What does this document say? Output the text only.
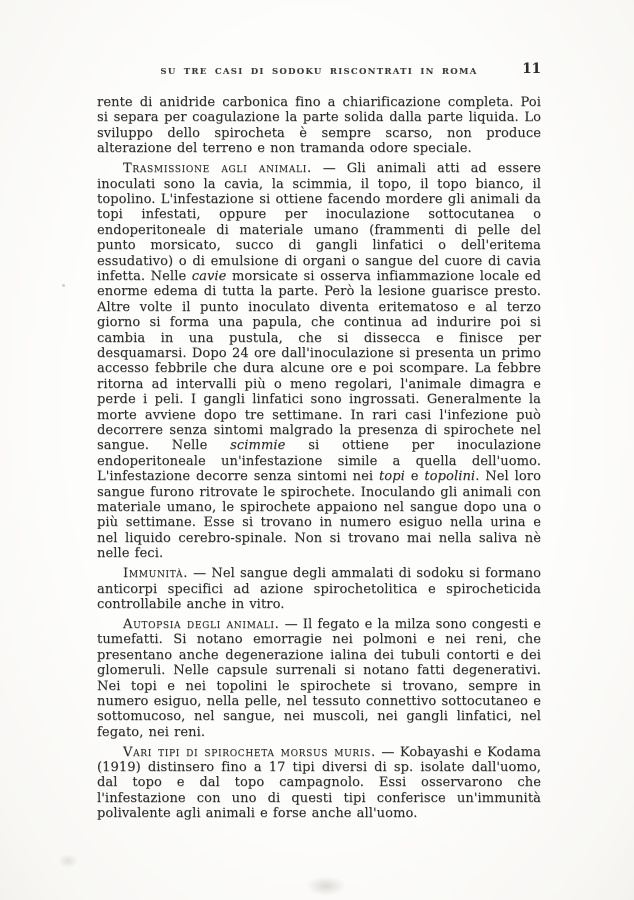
SU TRE CASI DI SODOKU RISCONTRATI IN ROMA	11

rente di anidride carbonica fino a chiarificazione completa. Poi si separa per coagulazione la parte solida dalla parte liquida. Lo sviluppo dello spirocheta è sempre scarso, non produce alterazione del terreno e non tramanda odore speciale.

Trasmissione agli animali. — Gli animali atti ad essere inoculati sono la cavia, la scimmia, il topo, il topo bianco, il topolino. L'infestazione si ottiene facendo mordere gli animali da topi infestati, oppure per inoculazione sottocutanea o endoperitoneale di materiale umano (frammenti di pelle del punto morsicato, succo di gangli linfatici o dell'eritema essudativo) o di emulsione di organi o sangue del cuore di cavia infetta. Nelle cavie morsicate si osserva infiammazione locale ed enorme edema di tutta la parte. Però la lesione guarisce presto. Altre volte il punto inoculato diventa eritematoso e al terzo giorno si forma una papula, che continua ad indurire poi si cambia in una pustula, che si dissecca e finisce per desquamarsi. Dopo 24 ore dall'inoculazione si presenta un primo accesso febbrile che dura alcune ore e poi scompare. La febbre ritorna ad intervalli più o meno regolari, l'animale dimagra e perde i peli. I gangli linfatici sono ingrossati. Generalmente la morte avviene dopo tre settimane. In rari casi l'infezione può decorrere senza sintomi malgrado la presenza di spirochete nel sangue. Nelle scimmie si ottiene per inoculazione endoperitoneale un'infestazione simile a quella dell'uomo. L'infestazione decorre senza sintomi nei topi e topolini. Nel loro sangue furono ritrovate le spirochete. Inoculando gli animali con materiale umano, le spirochete appaiono nel sangue dopo una o più settimane. Esse si trovano in numero esiguo nella urina e nel liquido cerebro-spinale. Non si trovano mai nella saliva nè nelle feci.

Immunità. — Nel sangue degli ammalati di sodoku si formano anticorpi specifici ad azione spirochetolitica e spirocheticida controllabile anche in vitro.

Autopsia degli animali. — Il fegato e la milza sono congesti e tumefatti. Si notano emorragie nei polmoni e nei reni, che presentano anche degenerazione ialina dei tubuli contorti e dei glomeruli. Nelle capsule surrenali si notano fatti degenerativi. Nei topi e nei topolini le spirochete si trovano, sempre in numero esiguo, nella pelle, nel tessuto connettivo sottocutaneo e sottomucoso, nel sangue, nei muscoli, nei gangli linfatici, nel fegato, nei reni.

Vari tipi di spirocheta morsus muris. — Kobayashi e Kodama (1919) distinsero fino a 17 tipi diversi di sp. isolate dall'uomo, dal topo e dal topo campagnolo. Essi osservarono che l'infestazione con uno di questi tipi conferisce un'immunità polivalente agli animali e forse anche all'uomo.
